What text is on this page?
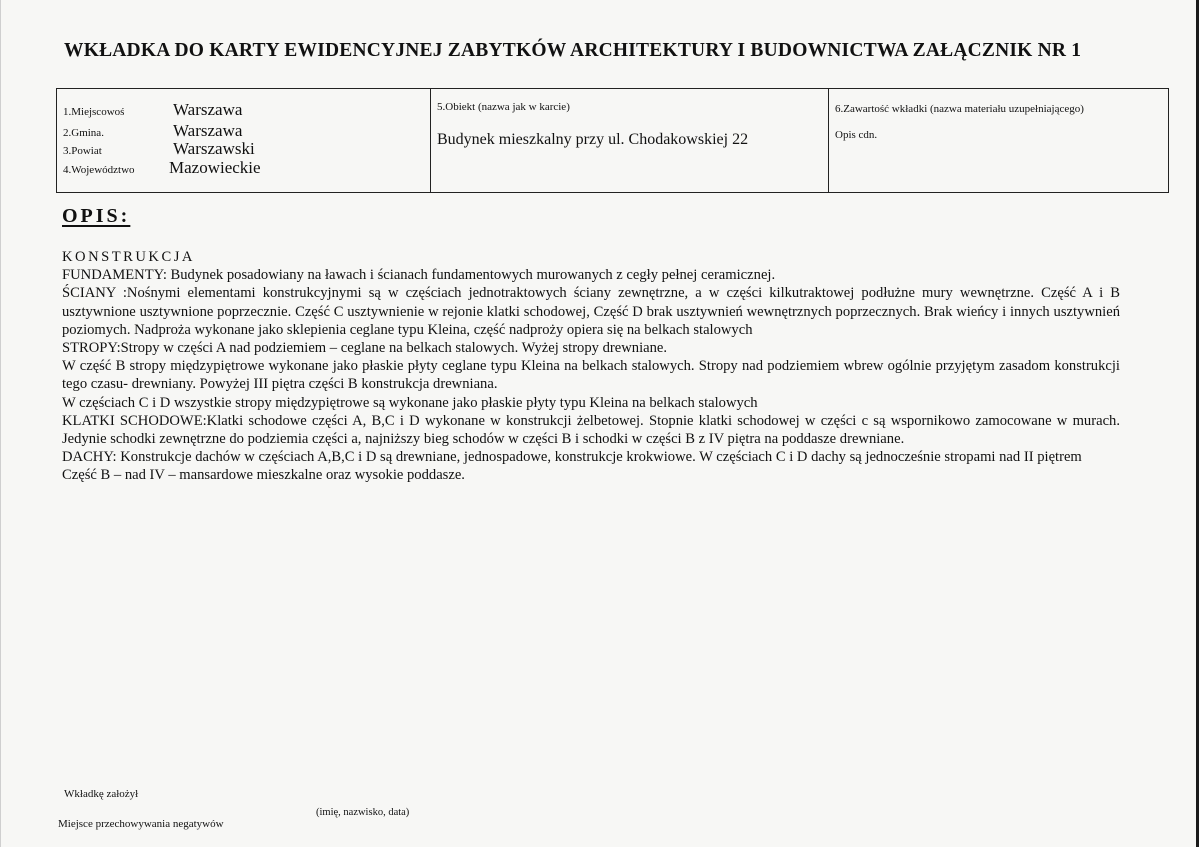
WKŁADKA DO KARTY EWIDENCYJNEJ ZABYTKÓW ARCHITEKTURY I BUDOWNICTWA ZAŁĄCZNIK NR 1
1.Miejscowoś	Warszawa
2.Gmina.	Warszawa
3.Powiat	Warszawski
4.Województwo	Mazowieckie
5.Obiekt (nazwa jak w karcie)
Budynek mieszkalny przy ul. Chodakowskiej 22
6.Zawartość wkładki (nazwa materiału uzupełniającego)
Opis cdn.
OPIS:

KONSTRUKCJA

FUNDAMENTY: Budynek posadowiany na ławach i ścianach fundamentowych murowanych z cegły pełnej ceramicznej.

ŚCIANY :Nośnymi elementami konstrukcyjnymi są w częściach jednotraktowych ściany zewnętrzne, a w części kilkutraktowej podłużne mury wewnętrzne. Część A i B usztywnione usztywnione poprzecznie. Część C usztywnienie w rejonie klatki schodowej, Część D brak usztywnień wewnętrznych poprzecznych. Brak wieńcy i innych usztywnień poziomych. Nadproża wykonane jako sklepienia ceglane typu Kleina, część nadproży opiera się na belkach stalowych

STROPY:Stropy w części A nad podziemiem – ceglane na belkach stalowych. Wyżej stropy drewniane.

W część B stropy międzypiętrowe wykonane jako płaskie płyty ceglane typu Kleina na belkach stalowych. Stropy nad podziemiem wbrew ogólnie przyjętym zasadom konstrukcji tego czasu- drewniany. Powyżej III piętra części B konstrukcja drewniana.

W częściach C i D wszystkie stropy międzypiętrowe są wykonane jako płaskie płyty typu Kleina na belkach stalowych

KLATKI SCHODOWE:Klatki schodowe części A, B,C i D wykonane w konstrukcji żelbetowej. Stopnie klatki schodowej w części c są wspornikowo zamocowane w murach. Jedynie schodki zewnętrzne do podziemia części a, najniższy bieg schodów w części B i schodki w części B z IV piętra na poddasze drewniane.

DACHY: Konstrukcje dachów w częściach A,B,C i D są drewniane, jednospadowe, konstrukcje krokwiowe. W częściach C i D dachy są jednocześnie stropami nad II piętrem

Część B – nad IV – mansardowe mieszkalne oraz wysokie poddasze.

Wkładkę założył
(imię, nazwisko, data)
Miejsce przechowywania negatywów
